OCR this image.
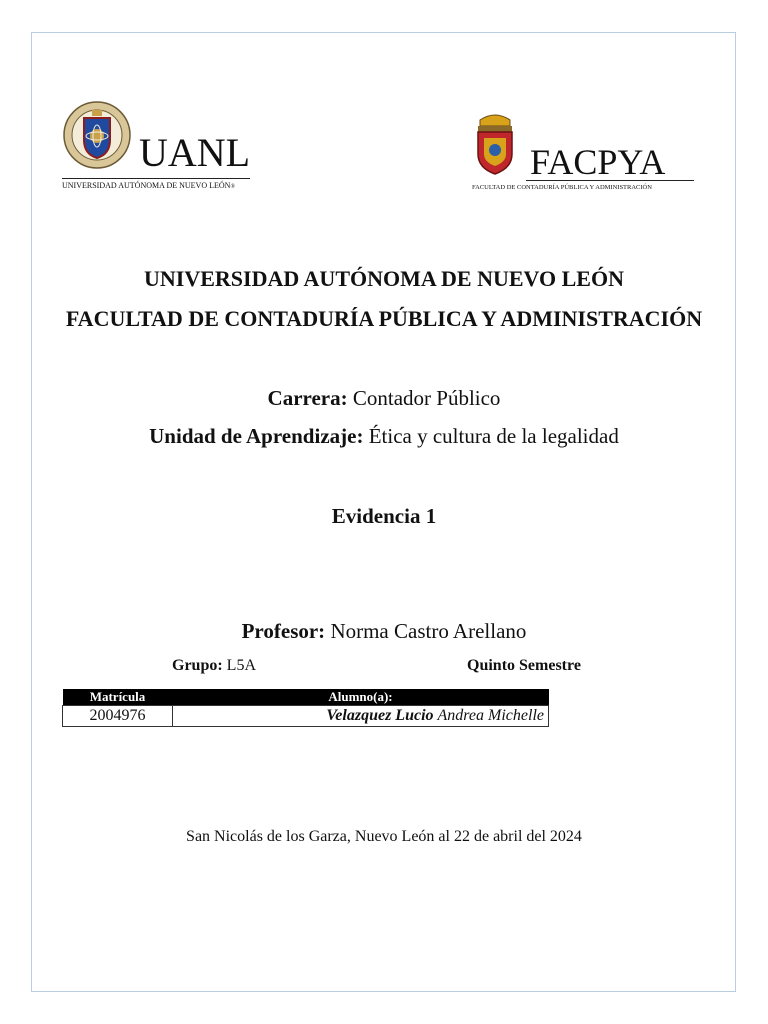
UANL
UNIVERSIDAD AUTÓNOMA DE NUEVO LEÓN®
FACPYA
FACULTAD DE CONTADURÍA PÚBLICA Y ADMINISTRACIÓN
UNIVERSIDAD AUTÓNOMA DE NUEVO LEÓN
FACULTAD DE CONTADURÍA PÚBLICA Y ADMINISTRACIÓN
Carrera: Contador Público
Unidad de Aprendizaje: Ética y cultura de la legalidad
Evidencia 1
Profesor: Norma Castro Arellano
Grupo: L5A	Quinto Semestre
Matrícula	Alumno(a):
2004976	Velazquez Lucio Andrea Michelle
San Nicolás de los Garza, Nuevo León al 22 de abril del 2024
